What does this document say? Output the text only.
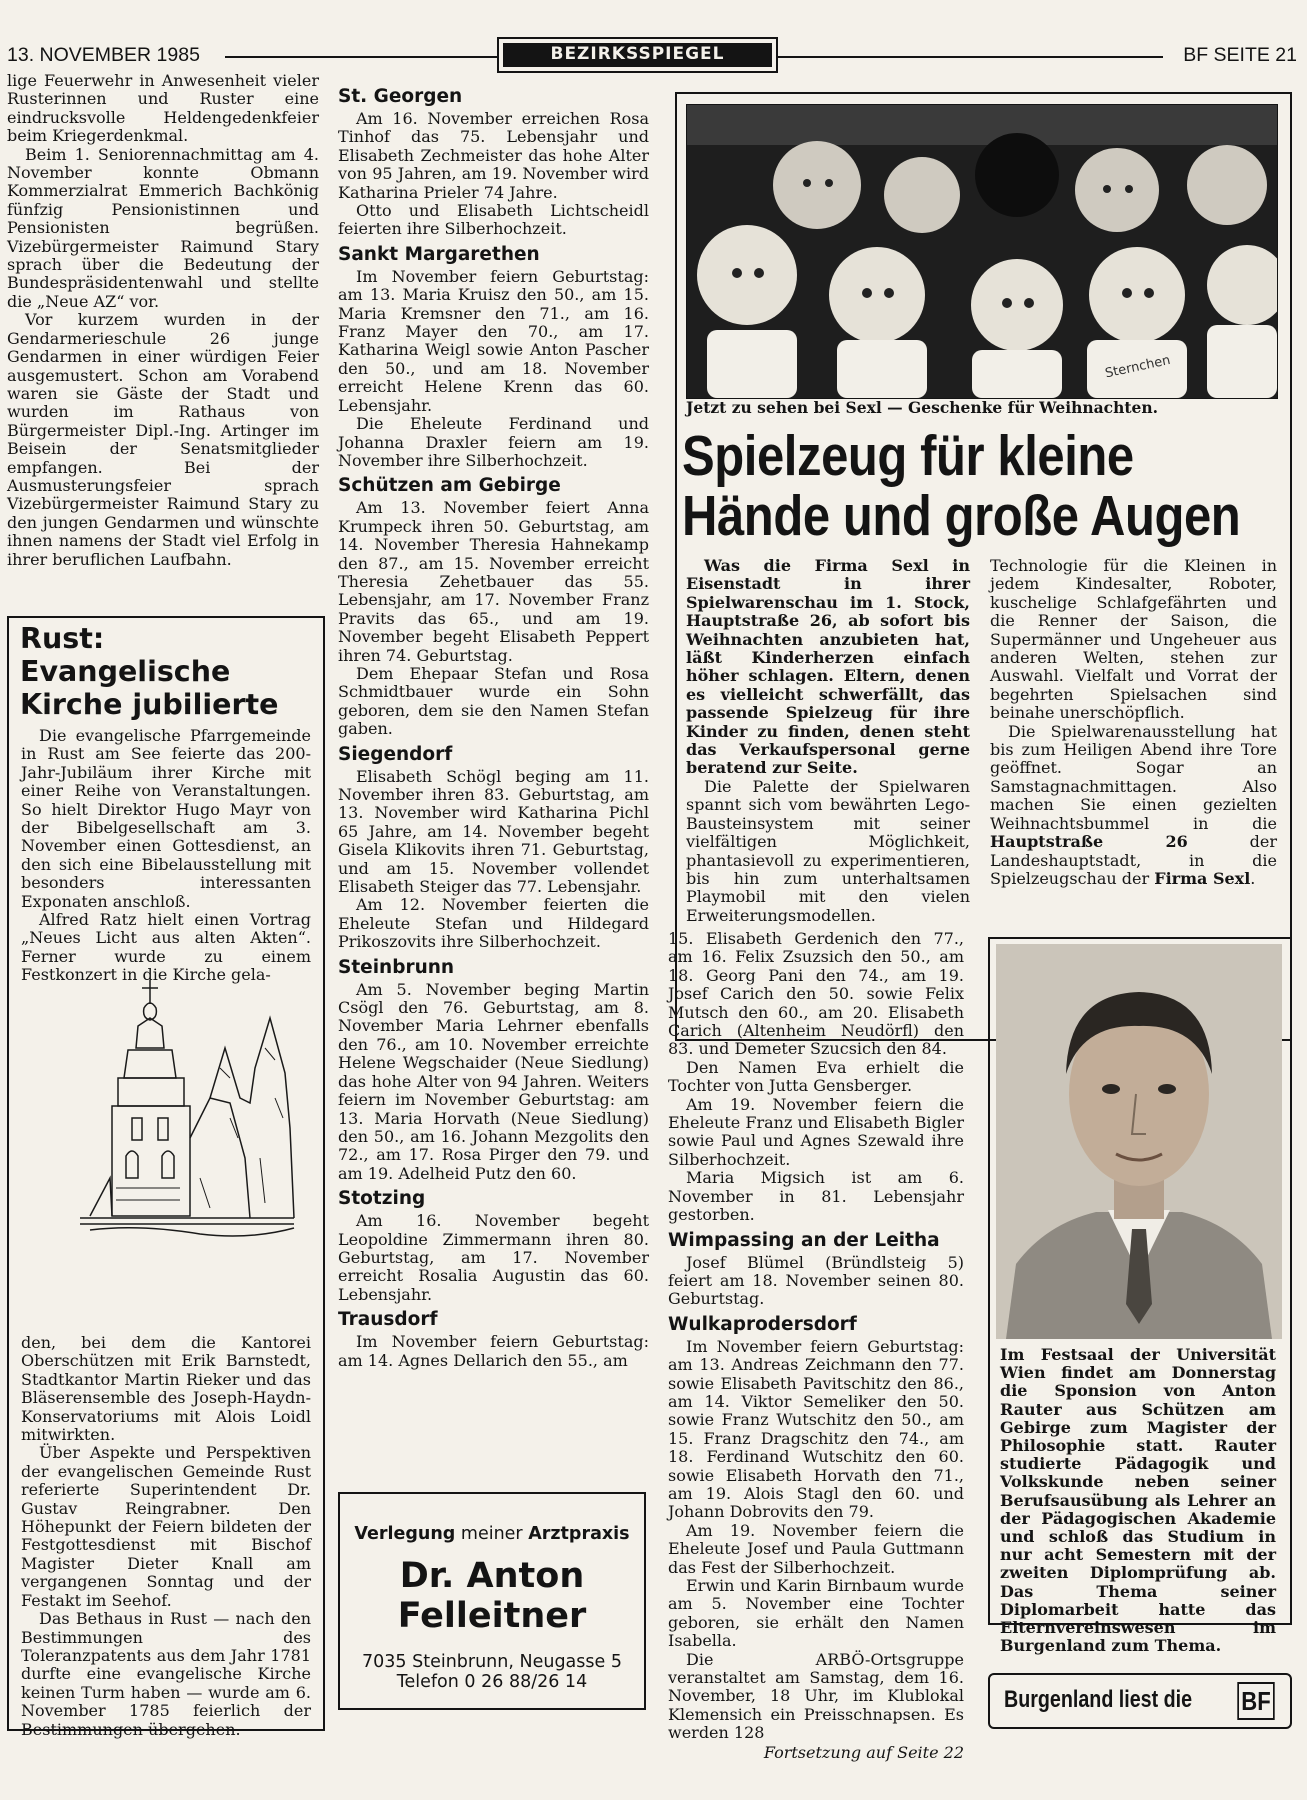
13. NOVEMBER 1985	BEZIRKSSPIEGEL	BF SEITE 21

lige Feuerwehr in Anwesenheit vieler Rusterinnen und Ruster eine eindrucksvolle Heldengedenkfeier beim Kriegerdenkmal.

Beim 1. Seniorennachmittag am 4. November konnte Obmann Kommerzialrat Emmerich Bachkönig fünfzig Pensionistinnen und Pensionisten begrüßen. Vizebürgermeister Raimund Stary sprach über die Bedeutung der Bundespräsidentenwahl und stellte die „Neue AZ“ vor.

Vor kurzem wurden in der Gendarmerieschule 26 junge Gendarmen in einer würdigen Feier ausgemustert. Schon am Vorabend waren sie Gäste der Stadt und wurden im Rathaus von Bürgermeister Dipl.-Ing. Artinger im Beisein der Senatsmitglieder empfangen. Bei der Ausmusterungsfeier sprach Vizebürgermeister Raimund Stary zu den jungen Gendarmen und wünschte ihnen namens der Stadt viel Erfolg in ihrer beruflichen Laufbahn.

Rust: Evangelische Kirche jubilierte

Die evangelische Pfarrgemeinde in Rust am See feierte das 200-Jahr-Jubiläum ihrer Kirche mit einer Reihe von Veranstaltungen. So hielt Direktor Hugo Mayr von der Bibelgesellschaft am 3. November einen Gottesdienst, an den sich eine Bibelausstellung mit besonders interessanten Exponaten anschloß.

Alfred Ratz hielt einen Vortrag „Neues Licht aus alten Akten“. Ferner wurde zu einem Festkonzert in die Kirche gela-

den, bei dem die Kantorei Oberschützen mit Erik Barnstedt, Stadtkantor Martin Rieker und das Bläserensemble des Joseph-Haydn-Konservatoriums mit Alois Loidl mitwirkten.

Über Aspekte und Perspektiven der evangelischen Gemeinde Rust referierte Superintendent Dr. Gustav Reingrabner. Den Höhepunkt der Feiern bildeten der Festgottesdienst mit Bischof Magister Dieter Knall am vergangenen Sonntag und der Festakt im Seehof.

Das Bethaus in Rust — nach den Bestimmungen des Toleranzpatents aus dem Jahr 1781 durfte eine evangelische Kirche keinen Turm haben — wurde am 6. November 1785 feierlich der Bestimmungen übergehen.

St. Georgen

Am 16. November erreichen Rosa Tinhof das 75. Lebensjahr und Elisabeth Zechmeister das hohe Alter von 95 Jahren, am 19. November wird Katharina Prieler 74 Jahre.

Otto und Elisabeth Lichtscheidl feierten ihre Silberhochzeit.

Sankt Margarethen

Im November feiern Geburtstag: am 13. Maria Kruisz den 50., am 15. Maria Kremsner den 71., am 16. Franz Mayer den 70., am 17. Katharina Weigl sowie Anton Pascher den 50., und am 18. November erreicht Helene Krenn das 60. Lebensjahr.

Die Eheleute Ferdinand und Johanna Draxler feiern am 19. November ihre Silberhochzeit.

Schützen am Gebirge

Am 13. November feiert Anna Krumpeck ihren 50. Geburtstag, am 14. November Theresia Hahnekamp den 87., am 15. November erreicht Theresia Zehetbauer das 55. Lebensjahr, am 17. November Franz Pravits das 65., und am 19. November begeht Elisabeth Peppert ihren 74. Geburtstag.

Dem Ehepaar Stefan und Rosa Schmidtbauer wurde ein Sohn geboren, dem sie den Namen Stefan gaben.

Siegendorf

Elisabeth Schögl beging am 11. November ihren 83. Geburtstag, am 13. November wird Katharina Pichl 65 Jahre, am 14. November begeht Gisela Klikovits ihren 71. Geburtstag, und am 15. November vollendet Elisabeth Steiger das 77. Lebensjahr.

Am 12. November feierten die Eheleute Stefan und Hildegard Prikoszovits ihre Silberhochzeit.

Steinbrunn

Am 5. November beging Martin Csögl den 76. Geburtstag, am 8. November Maria Lehrner ebenfalls den 76., am 10. November erreichte Helene Wegschaider (Neue Siedlung) das hohe Alter von 94 Jahren. Weiters feiern im November Geburtstag: am 13. Maria Horvath (Neue Siedlung) den 50., am 16. Johann Mezgolits den 72., am 17. Rosa Pirger den 79. und am 19. Adelheid Putz den 60.

Stotzing

Am 16. November begeht Leopoldine Zimmermann ihren 80. Geburtstag, am 17. November erreicht Rosalia Augustin das 60. Lebensjahr.

Trausdorf

Im November feiern Geburtstag: am 14. Agnes Dellarich den 55., am

Sternchen
Jetzt zu sehen bei Sexl — Geschenke für Weihnachten.
Spielzeug für kleine
Hände und große Augen

Was die Firma Sexl in Eisenstadt in ihrer Spielwarenschau im 1. Stock, Hauptstraße 26, ab sofort bis Weihnachten anzubieten hat, läßt Kinderherzen einfach höher schlagen. Eltern, denen es vielleicht schwerfällt, das passende Spielzeug für ihre Kinder zu finden, denen steht das Verkaufspersonal gerne beratend zur Seite.

Die Palette der Spielwaren spannt sich vom bewährten Lego-Bausteinsystem mit seiner vielfältigen Möglichkeit, phantasievoll zu experimentieren, bis hin zum unterhaltsamen Playmobil mit den vielen Erweiterungsmodellen.

Technologie für die Kleinen in jedem Kindesalter, Roboter, kuschelige Schlafgefährten und die Renner der Saison, die Supermänner und Ungeheuer aus anderen Welten, stehen zur Auswahl. Vielfalt und Vorrat der begehrten Spielsachen sind beinahe unerschöpflich.

Die Spielwarenausstellung hat bis zum Heiligen Abend ihre Tore geöffnet. Sogar an Samstagnachmittagen. Also machen Sie einen gezielten Weihnachtsbummel in die Hauptstraße 26 der Landeshauptstadt, in die Spielzeugschau der Firma Sexl.

15. Elisabeth Gerdenich den 77., am 16. Felix Zsuzsich den 50., am 18. Georg Pani den 74., am 19. Josef Carich den 50. sowie Felix Mutsch den 60., am 20. Elisabeth Carich (Altenheim Neudörfl) den 83. und Demeter Szucsich den 84.

Den Namen Eva erhielt die Tochter von Jutta Gensberger.

Am 19. November feiern die Eheleute Franz und Elisabeth Bigler sowie Paul und Agnes Szewald ihre Silberhochzeit.

Maria Migsich ist am 6. November in 81. Lebensjahr gestorben.

Wimpassing an der Leitha

Josef Blümel (Bründlsteig 5) feiert am 18. November seinen 80. Geburtstag.

Wulkaprodersdorf

Im November feiern Geburtstag: am 13. Andreas Zeichmann den 77. sowie Elisabeth Pavitschitz den 86., am 14. Viktor Semeliker den 50. sowie Franz Wutschitz den 50., am 15. Franz Dragschitz den 74., am 18. Ferdinand Wutschitz den 60. sowie Elisabeth Horvath den 71., am 19. Alois Stagl den 60. und Johann Dobrovits den 79.

Am 19. November feiern die Eheleute Josef und Paula Guttmann das Fest der Silberhochzeit.

Erwin und Karin Birnbaum wurde am 5. November eine Tochter geboren, sie erhält den Namen Isabella.

Die ARBÖ-Ortsgruppe veranstaltet am Samstag, dem 16. November, 18 Uhr, im Klublokal Klemensich ein Preisschnapsen. Es werden 128

Fortsetzung auf Seite 22
Im Festsaal der Universität Wien findet am Donnerstag die Sponsion von Anton Rauter aus Schützen am Gebirge zum Magister der Philosophie statt. Rauter studierte Pädagogik und Volkskunde neben seiner Berufsausübung als Lehrer an der Pädagogischen Akademie und schloß das Studium in nur acht Semestern mit der zweiten Diplomprüfung ab. Das Thema seiner Diplomarbeit hatte das Elternvereinswesen im Burgenland zum Thema.
Verlegung meiner Arztpraxis
Dr. Anton
Felleitner
7035 Steinbrunn, Neugasse 5
Telefon 0 26 88/26 14
Burgenland liest die BF
